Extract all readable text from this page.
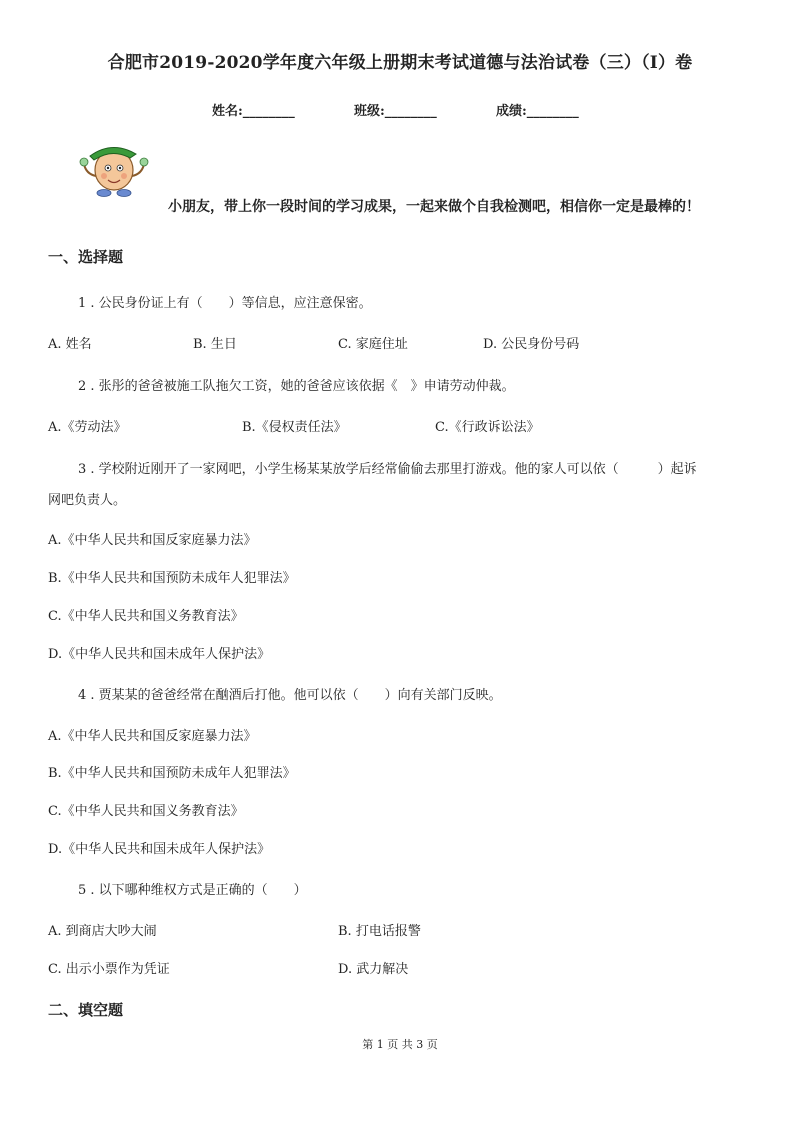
合肥市2019-2020学年度六年级上册期末考试道德与法治试卷（三）（I）卷
姓名:________	班级:________	成绩:________
小朋友，带上你一段时间的学习成果，一起来做个自我检测吧，相信你一定是最棒的！
一、选择题
1 . 公民身份证上有（　　）等信息，应注意保密。
A. 姓名	B. 生日	C. 家庭住址	D. 公民身份号码
2 . 张彤的爸爸被施工队拖欠工资，她的爸爸应该依据《　》申请劳动仲裁。
A.《劳动法》	B.《侵权责任法》	C.《行政诉讼法》
3 . 学校附近刚开了一家网吧，小学生杨某某放学后经常偷偷去那里打游戏。他的家人可以依（　　　）起诉
网吧负责人。
A.《中华人民共和国反家庭暴力法》
B.《中华人民共和国预防未成年人犯罪法》
C.《中华人民共和国义务教育法》
D.《中华人民共和国未成年人保护法》
4 . 贾某某的爸爸经常在酗酒后打他。他可以依（　　）向有关部门反映。
A.《中华人民共和国反家庭暴力法》
B.《中华人民共和国预防未成年人犯罪法》
C.《中华人民共和国义务教育法》
D.《中华人民共和国未成年人保护法》
5 . 以下哪种维权方式是正确的（　　）
A. 到商店大吵大闹	B. 打电话报警
C. 出示小票作为凭证	D. 武力解决
二、填空题
第 1 页 共 3 页
